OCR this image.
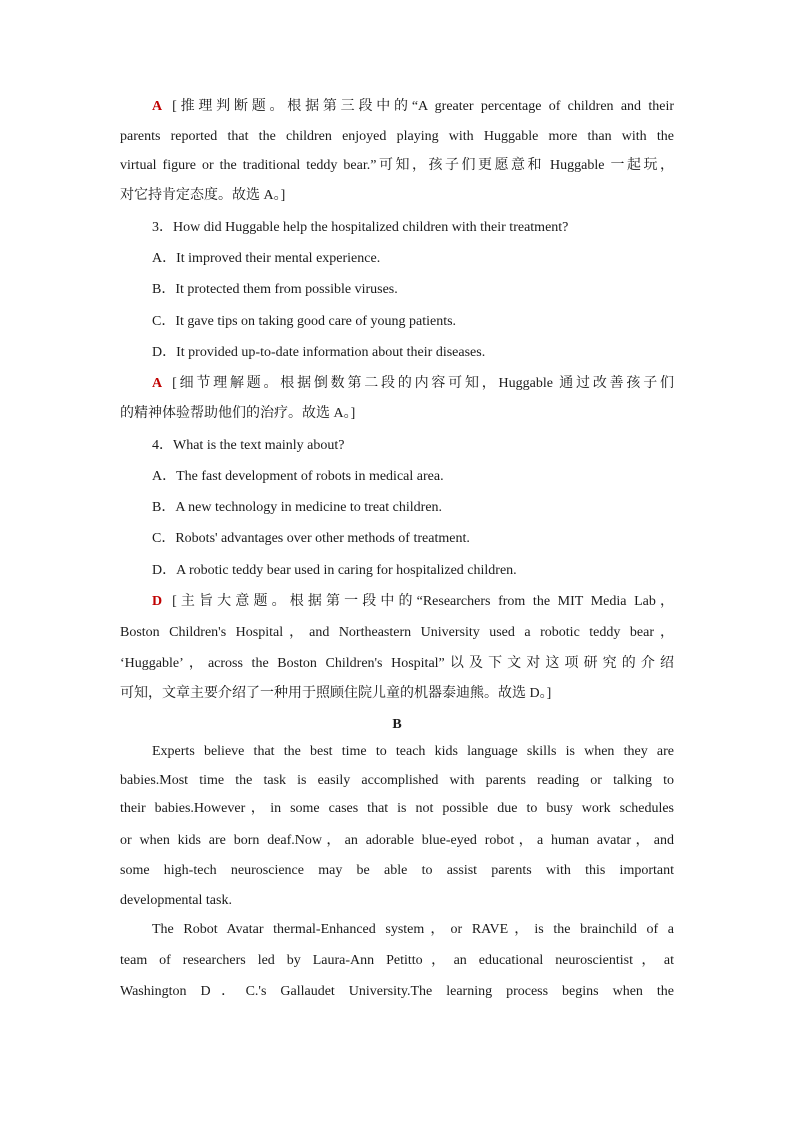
A [推理判断题。根据第三段中的“A greater percentage of children and their
parents reported that the children enjoyed playing with Huggable more than with the
virtual figure or the traditional teddy bear.”可知，孩子们更愿意和 Huggable 一起玩，
对它持肯定态度。故选 A。]
3．How did Huggable help the hospitalized children with their treatment?
A．It improved their mental experience.
B．It protected them from possible viruses.
C．It gave tips on taking good care of young patients.
D．It provided up-to-date information about their diseases.
A [细节理解题。根据倒数第二段的内容可知，Huggable 通过改善孩子们
的精神体验帮助他们的治疗。故选 A。]
4．What is the text mainly about?
A．The fast development of robots in medical area.
B．A new technology in medicine to treat children.
C．Robots' advantages over other methods of treatment.
D．A robotic teddy bear used in caring for hospitalized children.
D [主旨大意题。根据第一段中的“Researchers from the MIT Media Lab，
Boston Children's Hospital，and Northeastern University used a robotic teddy bear，
‘Huggable’，across the Boston Children's Hospital”以及下文对这项研究的介绍
可知，文章主要介绍了一种用于照顾住院儿童的机器泰迪熊。故选 D。]
B
Experts believe that the best time to teach kids language skills is when they are
babies.Most time the task is easily accomplished with parents reading or talking to
their babies.However，in some cases that is not possible due to busy work schedules
or when kids are born deaf.Now，an adorable blue-eyed robot，a human avatar，and
some high-tech neuroscience may be able to assist parents with this important
developmental task.
The Robot Avatar thermal-Enhanced system，or RAVE，is the brainchild of a
team of researchers led by Laura-Ann Petitto，an educational neuroscientist，at
Washington D．C.'s Gallaudet University.The learning process begins when the
